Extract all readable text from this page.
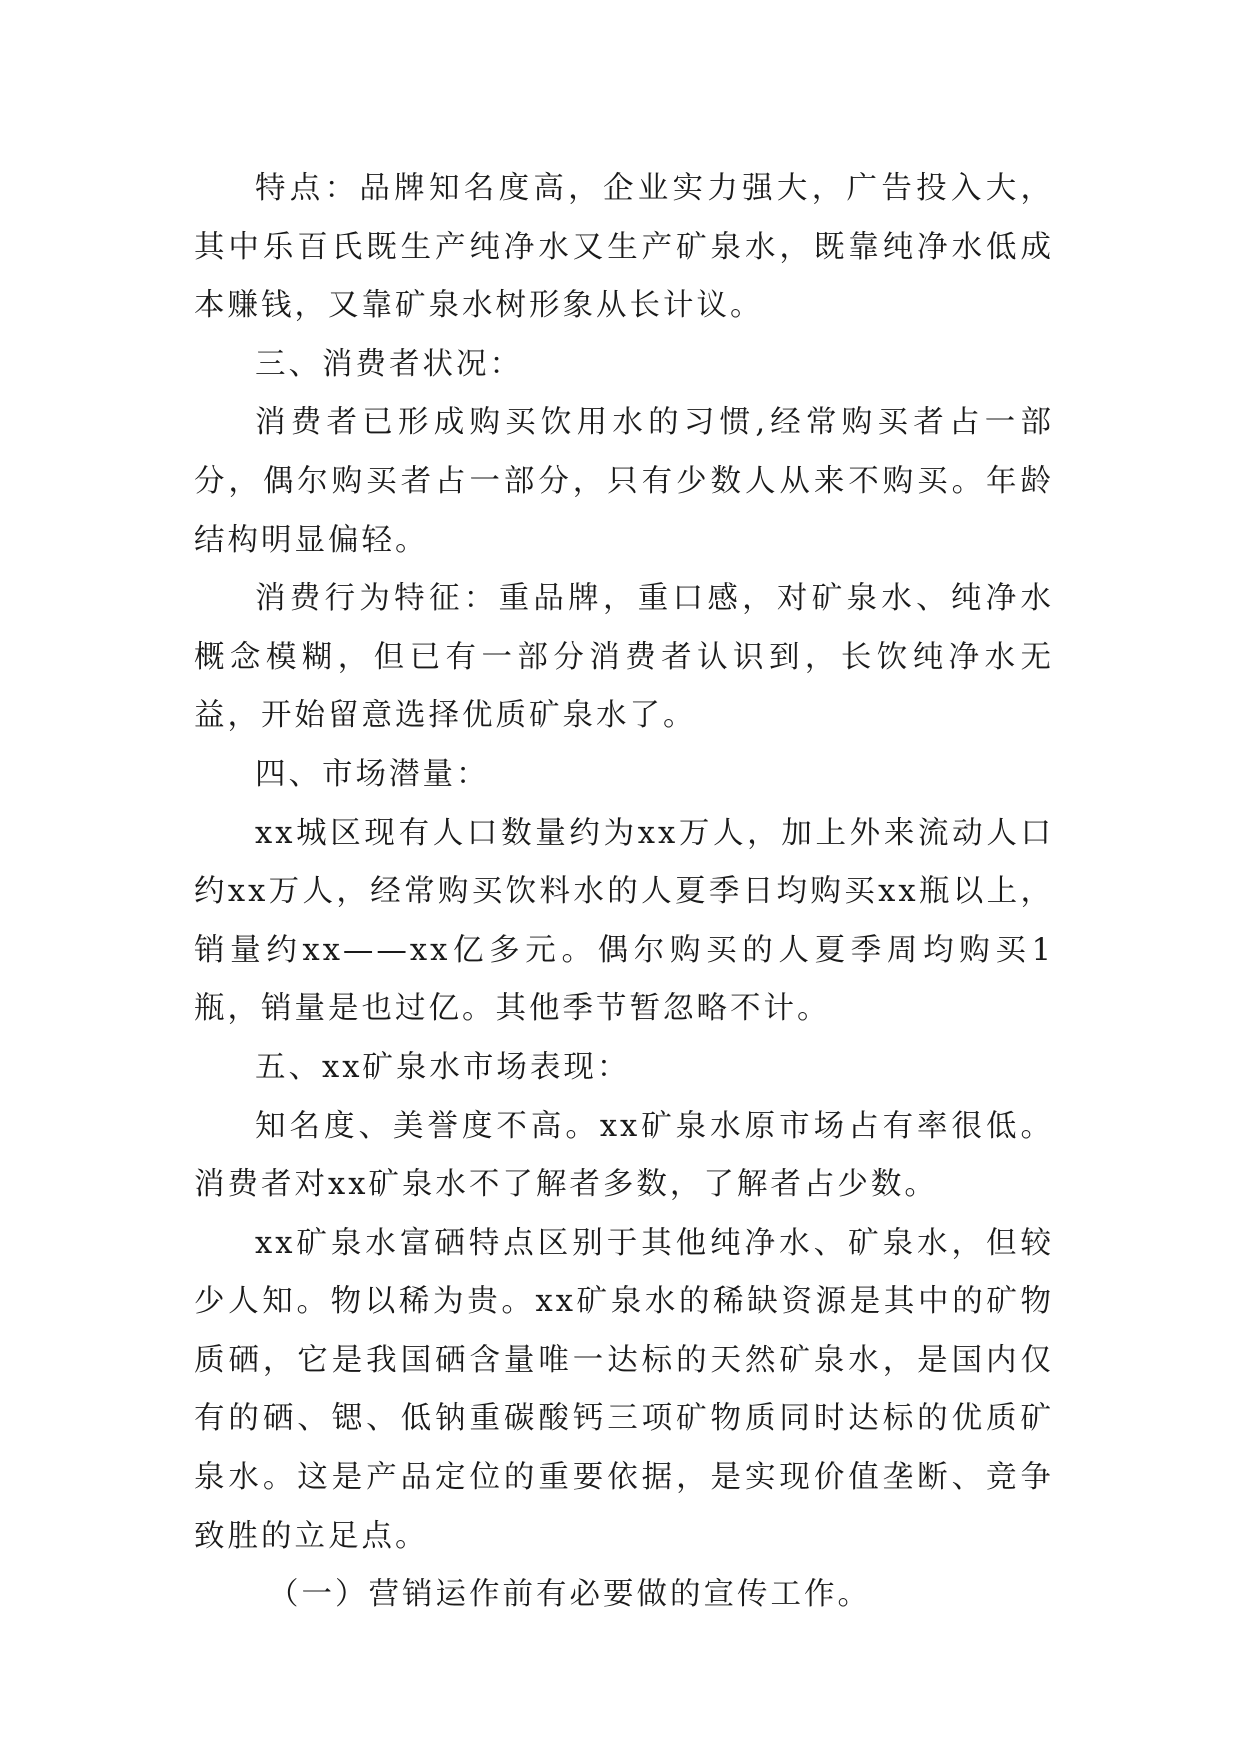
特点：品牌知名度高，企业实力强大，广告投入大，其中乐百氏既生产纯净水又生产矿泉水，既靠纯净水低成本赚钱，又靠矿泉水树形象从长计议。

三、消费者状况：

消费者已形成购买饮用水的习惯,经常购买者占一部分，偶尔购买者占一部分，只有少数人从来不购买。年龄结构明显偏轻。

消费行为特征：重品牌，重口感，对矿泉水、纯净水概念模糊，但已有一部分消费者认识到，长饮纯净水无益，开始留意选择优质矿泉水了。

四、市场潜量：

xx城区现有人口数量约为xx万人，加上外来流动人口约xx万人，经常购买饮料水的人夏季日均购买xx瓶以上，销量约xx——xx亿多元。偶尔购买的人夏季周均购买1瓶，销量是也过亿。其他季节暂忽略不计。

五、xx矿泉水市场表现：

知名度、美誉度不高。xx矿泉水原市场占有率很低。消费者对xx矿泉水不了解者多数，了解者占少数。

xx矿泉水富硒特点区别于其他纯净水、矿泉水，但较少人知。物以稀为贵。xx矿泉水的稀缺资源是其中的矿物质硒，它是我国硒含量唯一达标的天然矿泉水，是国内仅有的硒、锶、低钠重碳酸钙三项矿物质同时达标的优质矿泉水。这是产品定位的重要依据，是实现价值垄断、竞争致胜的立足点。

（一）营销运作前有必要做的宣传工作。
